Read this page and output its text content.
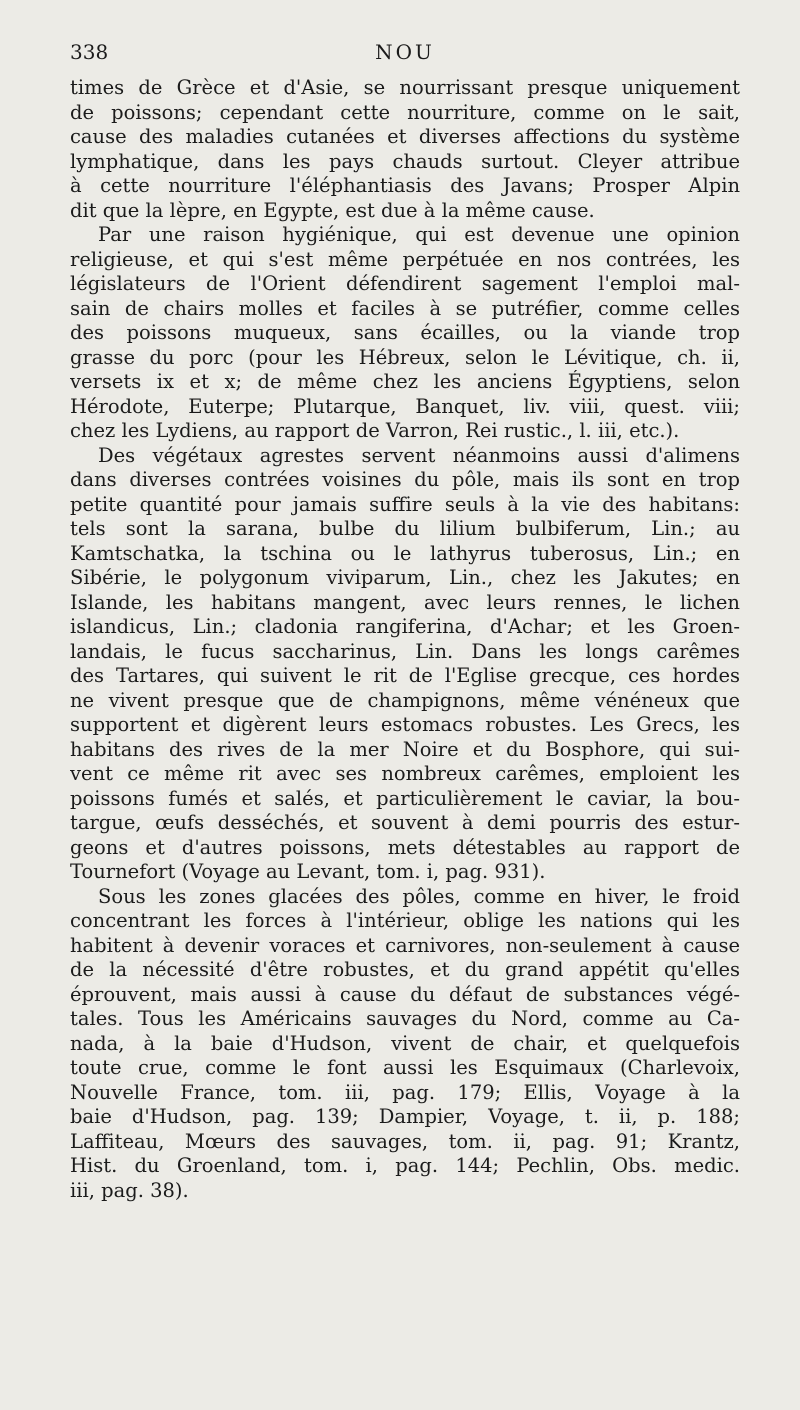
338	NOU
times de Grèce et d'Asie, se nourrissant presque uniquement
de poissons; cependant cette nourriture, comme on le sait,
cause des maladies cutanées et diverses affections du système
lymphatique, dans les pays chauds surtout. Cleyer attribue
à cette nourriture l'éléphantiasis des Javans; Prosper Alpin
dit que la lèpre, en Egypte, est due à la même cause.
Par une raison hygiénique, qui est devenue une opinion
religieuse, et qui s'est même perpétuée en nos contrées, les
législateurs de l'Orient défendirent sagement l'emploi mal-
sain de chairs molles et faciles à se putréfier, comme celles
des poissons muqueux, sans écailles, ou la viande trop
grasse du porc (pour les Hébreux, selon le Lévitique, ch. ii,
versets ix et x; de même chez les anciens Égyptiens, selon
Hérodote, Euterpe; Plutarque, Banquet, liv. viii, quest. viii;
chez les Lydiens, au rapport de Varron, Rei rustic., l. iii, etc.).
Des végétaux agrestes servent néanmoins aussi d'alimens
dans diverses contrées voisines du pôle, mais ils sont en trop
petite quantité pour jamais suffire seuls à la vie des habitans:
tels sont la sarana, bulbe du lilium bulbiferum, Lin.; au
Kamtschatka, la tschina ou le lathyrus tuberosus, Lin.; en
Sibérie, le polygonum viviparum, Lin., chez les Jakutes; en
Islande, les habitans mangent, avec leurs rennes, le lichen
islandicus, Lin.; cladonia rangiferina, d'Achar; et les Groen-
landais, le fucus saccharinus, Lin. Dans les longs carêmes
des Tartares, qui suivent le rit de l'Eglise grecque, ces hordes
ne vivent presque que de champignons, même vénéneux que
supportent et digèrent leurs estomacs robustes. Les Grecs, les
habitans des rives de la mer Noire et du Bosphore, qui sui-
vent ce même rit avec ses nombreux carêmes, emploient les
poissons fumés et salés, et particulièrement le caviar, la bou-
targue, œufs desséchés, et souvent à demi pourris des estur-
geons et d'autres poissons, mets détestables au rapport de
Tournefort (Voyage au Levant, tom. i, pag. 931).
Sous les zones glacées des pôles, comme en hiver, le froid
concentrant les forces à l'intérieur, oblige les nations qui les
habitent à devenir voraces et carnivores, non-seulement à cause
de la nécessité d'être robustes, et du grand appétit qu'elles
éprouvent, mais aussi à cause du défaut de substances végé-
tales. Tous les Américains sauvages du Nord, comme au Ca-
nada, à la baie d'Hudson, vivent de chair, et quelquefois
toute crue, comme le font aussi les Esquimaux (Charlevoix,
Nouvelle France, tom. iii, pag. 179; Ellis, Voyage à la
baie d'Hudson, pag. 139; Dampier, Voyage, t. ii, p. 188;
Laffiteau, Mœurs des sauvages, tom. ii, pag. 91; Krantz,
Hist. du Groenland, tom. i, pag. 144; Pechlin, Obs. medic.
iii, pag. 38).
